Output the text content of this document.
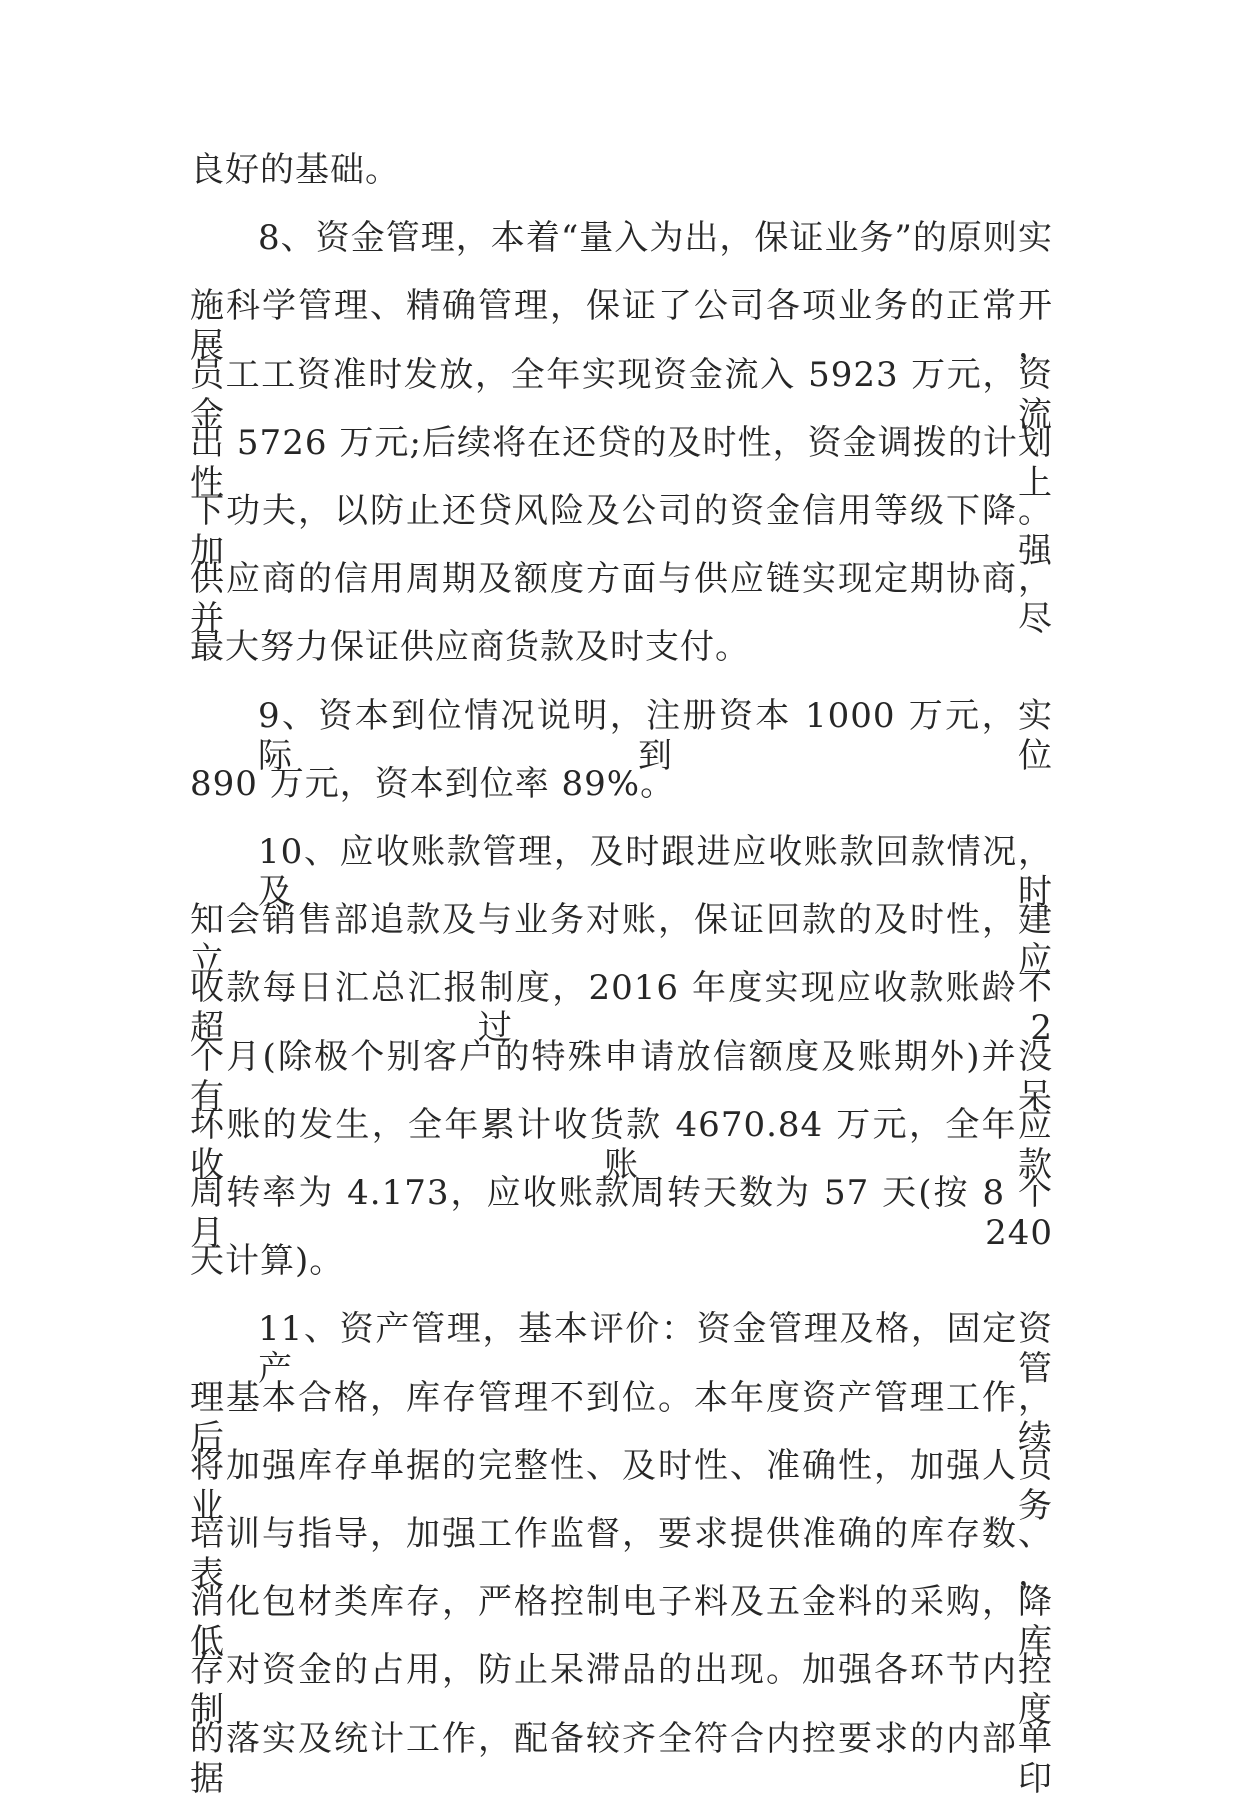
良好的基础。
8、资金管理，本着“量入为出，保证业务”的原则实
施科学管理、精确管理，保证了公司各项业务的正常开展，
员工工资准时发放，全年实现资金流入 5923 万元，资金流
出 5726 万元;后续将在还贷的及时性，资金调拨的计划性上
下功夫，以防止还贷风险及公司的资金信用等级下降。加强
供应商的信用周期及额度方面与供应链实现定期协商，并尽
最大努力保证供应商货款及时支付。
9、资本到位情况说明，注册资本 1000 万元，实际到位
890 万元，资本到位率 89%。
10、应收账款管理，及时跟进应收账款回款情况，及时
知会销售部追款及与业务对账，保证回款的及时性，建立应
收款每日汇总汇报制度，2016 年度实现应收款账龄不超过 2
个月(除极个别客户的特殊申请放信额度及账期外)并没有呆
坏账的发生，全年累计收货款 4670.84 万元，全年应收账款
周转率为 4.173，应收账款周转天数为 57 天(按 8 个月 240
天计算)。
11、资产管理，基本评价：资金管理及格，固定资产管
理基本合格，库存管理不到位。本年度资产管理工作，后续
将加强库存单据的完整性、及时性、准确性，加强人员业务
培训与指导，加强工作监督，要求提供准确的库存数、表，
消化包材类库存，严格控制电子料及五金料的采购，降低库
存对资金的占用，防止呆滞品的出现。加强各环节内控制度
的落实及统计工作，配备较齐全符合内控要求的内部单据印
